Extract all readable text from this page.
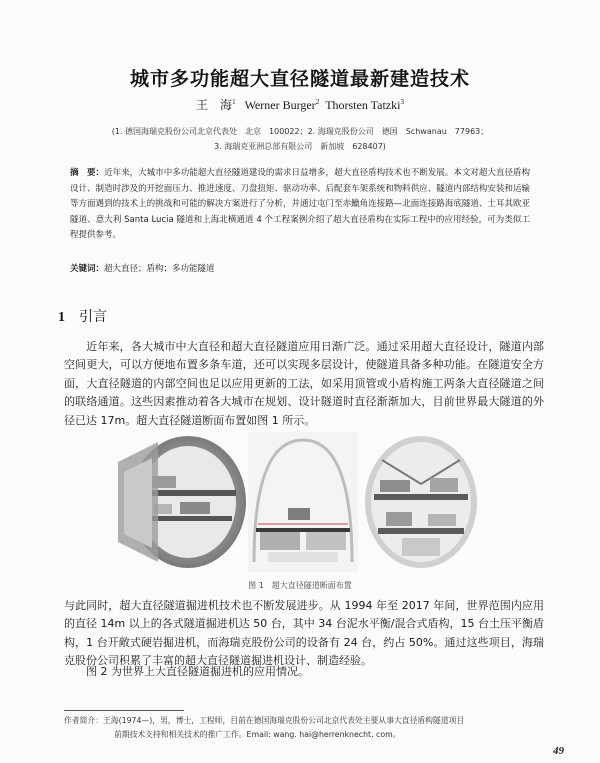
城市多功能超大直径隧道最新建造技术
王　海$^1$ Werner Burger$^2$ Thorsten Tatzki$^3$
(1. 德国海瑞克股份公司北京代表处　北京　100022；2. 海瑞克股份公司　德国　Schwanau　77963；
3. 海瑞克亚洲总部有限公司　新加坡　628407)
摘　要：近年来，大城市中多功能超大直径隧道建设的需求日益增多，超大直径盾构技术也不断发展。本文对超大直径盾构设计、制造时涉及的开挖面压力、推进速度、刀盘扭矩、驱动功率、后配套车架系统和物料供应、隧道内部结构安装和运输等方面遇到的技术上的挑战和可能的解决方案进行了分析，并通过屯门至赤鱲角连接路—北面连接路海底隧道、土耳其欧亚隧道、意大利 Santa Lucia 隧道和上海北横通道 4 个工程案例介绍了超大直径盾构在实际工程中的应用经验，可为类似工程提供参考。
关键词：超大直径；盾构；多功能隧道
1 引言
近年来，各大城市中大直径和超大直径隧道应用日渐广泛。通过采用超大直径设计，隧道内部空间更大，可以方便地布置多条车道，还可以实现多层设计，使隧道具备多种功能。在隧道安全方面，大直径隧道的内部空间也足以应用更新的工法，如采用顶管或小盾构施工两条大直径隧道之间的联络通道。这些因素推动着各大城市在规划、设计隧道时直径渐渐加大，目前世界最大隧道的外径已达 17m。超大直径隧道断面布置如图 1 所示。
图 1　超大直径隧道断面布置
与此同时，超大直径隧道掘进机技术也不断发展进步。从 1994 年至 2017 年间，世界范围内应用的直径 14m 以上的各式隧道掘进机达 50 台，其中 34 台泥水平衡/混合式盾构，15 台土压平衡盾构，1 台开敞式硬岩掘进机，而海瑞克股份公司的设备有 24 台，约占 50%。通过这些项目，海瑞克股份公司积累了丰富的超大直径隧道掘进机设计、制造经验。
图 2 为世界上大直径隧道掘进机的应用情况。
作者简介：王海(1974—)，男，博士，工程师，目前在德国海瑞克股份公司北京代表处主要从事大直径盾构隧道项目
前期技术支持和相关技术的推广工作。Email: wang. hai@herrenknecht. com。
49
